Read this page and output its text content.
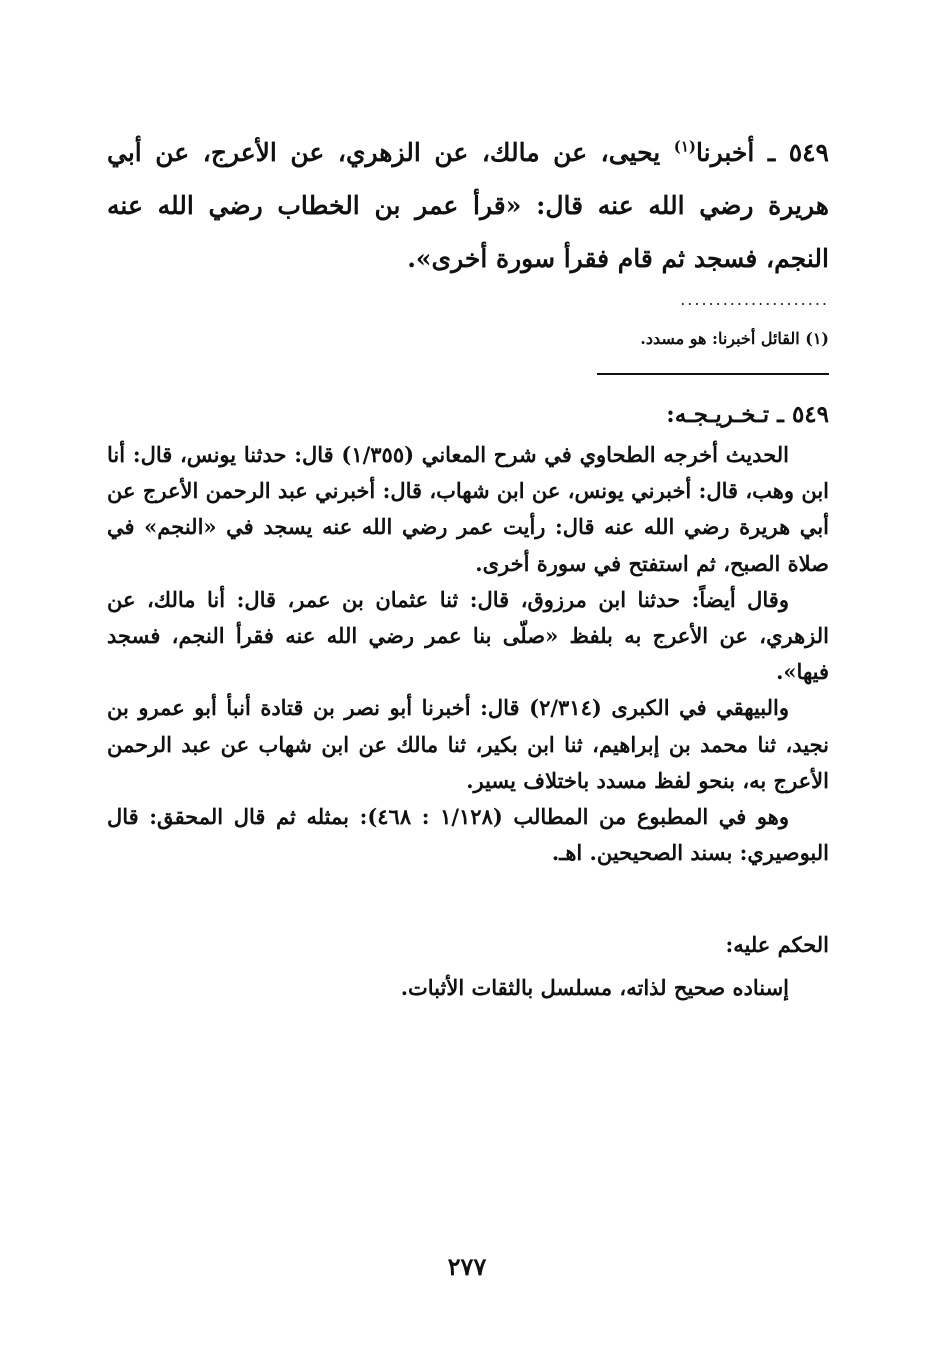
٥٤٩ ـ أخبرنا$^{(١)}$ يحيى، عن مالك، عن الزهري، عن الأعرج، عن أبي هريرة رضي الله عنه قال: «قرأ عمر بن الخطاب رضي الله عنه النجم، فسجد ثم قام فقرأ سورة أخرى».
.....................
(١) القائل أخبرنا: هو مسدد.
٥٤٩ ـ تـخـريـجـه:

الحديث أخرجه الطحاوي في شرح المعاني (١/٣٥٥) قال: حدثنا يونس، قال: أنا ابن وهب، قال: أخبرني يونس، عن ابن شهاب، قال: أخبرني عبد الرحمن الأعرج عن أبي هريرة رضي الله عنه قال: رأيت عمر رضي الله عنه يسجد في «النجم» في صلاة الصبح، ثم استفتح في سورة أخرى.

وقال أيضاً: حدثنا ابن مرزوق، قال: ثنا عثمان بن عمر، قال: أنا مالك، عن الزهري، عن الأعرج به بلفظ «صلّى بنا عمر رضي الله عنه فقرأ النجم، فسجد فيها».

والبيهقي في الكبرى (٢/٣١٤) قال: أخبرنا أبو نصر بن قتادة أنبأ أبو عمرو بن نجيد، ثنا محمد بن إبراهيم، ثنا ابن بكير، ثنا مالك عن ابن شهاب عن عبد الرحمن الأعرج به، بنحو لفظ مسدد باختلاف يسير.

وهو في المطبوع من المطالب (١/١٢٨ : ٤٦٨): بمثله ثم قال المحقق: قال البوصيري: بسند الصحيحين. اهـ.

الحكم عليه:
إسناده صحيح لذاته، مسلسل بالثقات الأثبات.
٢٧٧
